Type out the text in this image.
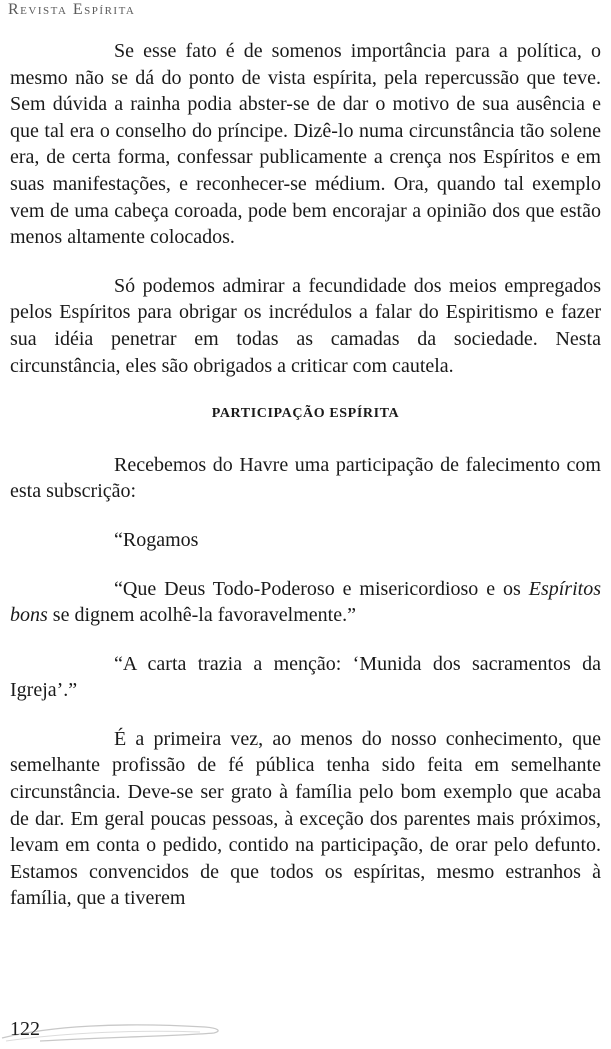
Revista Espírita

Se esse fato é de somenos importância para a política, o mesmo não se dá do ponto de vista espírita, pela repercussão que teve. Sem dúvida a rainha podia abster-se de dar o motivo de sua ausência e que tal era o conselho do príncipe. Dizê-lo numa circunstância tão solene era, de certa forma, confessar publicamente a crença nos Espíritos e em suas manifestações, e reconhecer-se médium. Ora, quando tal exemplo vem de uma cabeça coroada, pode bem encorajar a opinião dos que estão menos altamente colocados.

Só podemos admirar a fecundidade dos meios empregados pelos Espíritos para obrigar os incrédulos a falar do Espiritismo e fazer sua idéia penetrar em todas as camadas da sociedade. Nesta circunstância, eles são obrigados a criticar com cautela.

PARTICIPAÇÃO ESPÍRITA

Recebemos do Havre uma participação de falecimento com esta subscrição:

“Rogamos

“Que Deus Todo-Poderoso e misericordioso e os Espíritos bons se dignem acolhê-la favoravelmente.”

“A carta trazia a menção: ‘Munida dos sacramentos da Igreja’.”

É a primeira vez, ao menos do nosso conhecimento, que semelhante profissão de fé pública tenha sido feita em semelhante circunstância. Deve-se ser grato à família pelo bom exemplo que acaba de dar. Em geral poucas pessoas, à exceção dos parentes mais próximos, levam em conta o pedido, contido na participação, de orar pelo defunto. Estamos convencidos de que todos os espíritas, mesmo estranhos à família, que a tiverem

122
